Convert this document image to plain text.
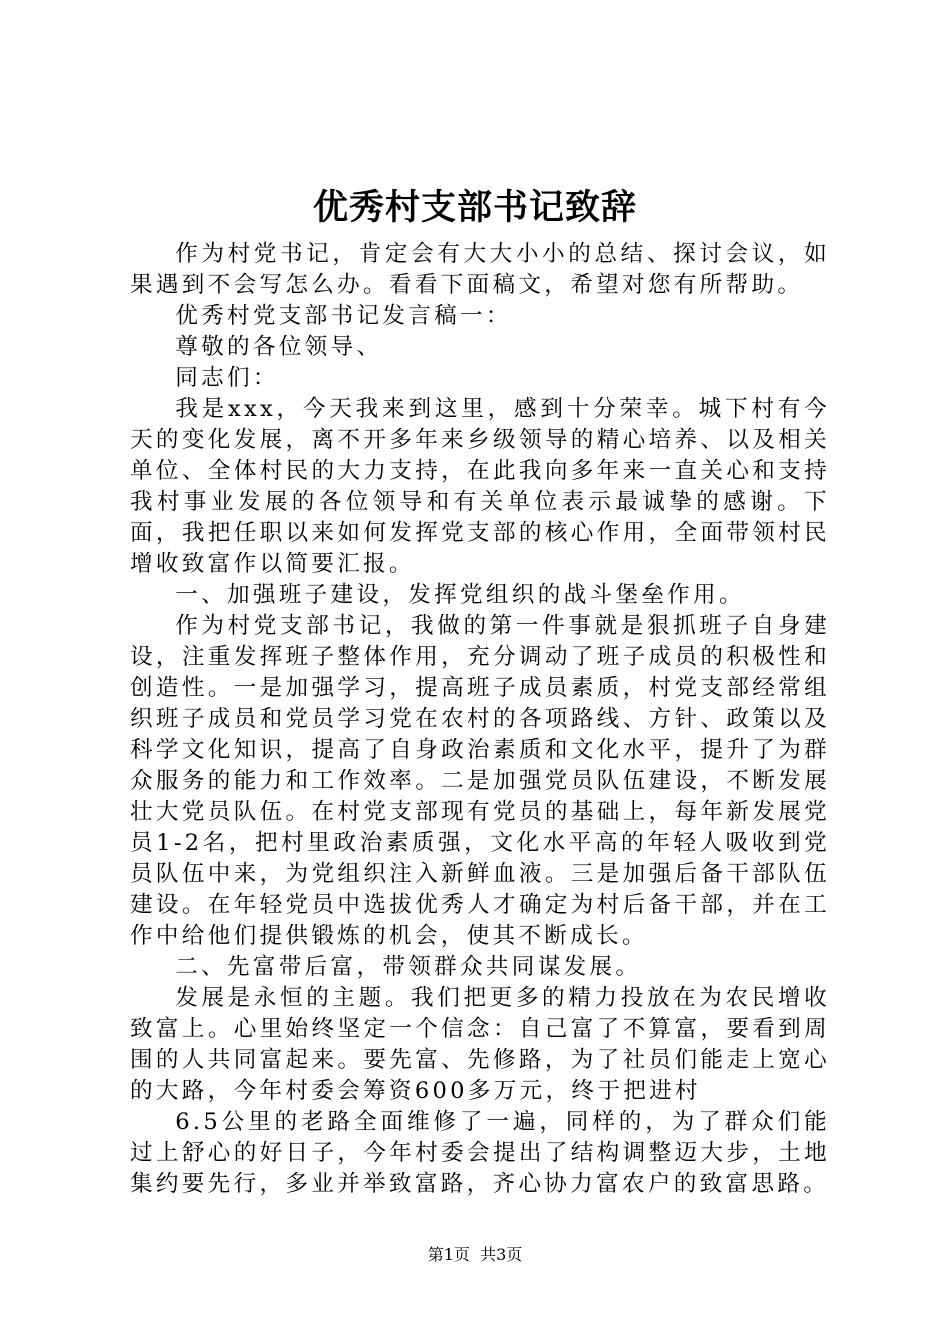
优秀村支部书记致辞

作为村党书记，肯定会有大大小小的总结、探讨会议，如果遇到不会写怎么办。看看下面稿文，希望对您有所帮助。

优秀村党支部书记发言稿一：

尊敬的各位领导、

同志们：

我是xxx，今天我来到这里，感到十分荣幸。城下村有今天的变化发展，离不开多年来乡级领导的精心培养、以及相关单位、全体村民的大力支持，在此我向多年来一直关心和支持我村事业发展的各位领导和有关单位表示最诚挚的感谢。下面，我把任职以来如何发挥党支部的核心作用，全面带领村民增收致富作以简要汇报。

一、加强班子建设，发挥党组织的战斗堡垒作用。

作为村党支部书记，我做的第一件事就是狠抓班子自身建设，注重发挥班子整体作用，充分调动了班子成员的积极性和创造性。一是加强学习，提高班子成员素质，村党支部经常组织班子成员和党员学习党在农村的各项路线、方针、政策以及科学文化知识，提高了自身政治素质和文化水平，提升了为群众服务的能力和工作效率。二是加强党员队伍建设，不断发展壮大党员队伍。在村党支部现有党员的基础上，每年新发展党员1-2名，把村里政治素质强，文化水平高的年轻人吸收到党员队伍中来，为党组织注入新鲜血液。三是加强后备干部队伍建设。在年轻党员中选拔优秀人才确定为村后备干部，并在工作中给他们提供锻炼的机会，使其不断成长。

二、先富带后富，带领群众共同谋发展。

发展是永恒的主题。我们把更多的精力投放在为农民增收致富上。心里始终坚定一个信念：自己富了不算富，要看到周围的人共同富起来。要先富、先修路，为了社员们能走上宽心的大路，今年村委会筹资600多万元，终于把进村

6.5公里的老路全面维修了一遍，同样的，为了群众们能过上舒心的好日子，今年村委会提出了结构调整迈大步，土地集约要先行，多业并举致富路，齐心协力富农户的致富思路。

第1页 共3页
